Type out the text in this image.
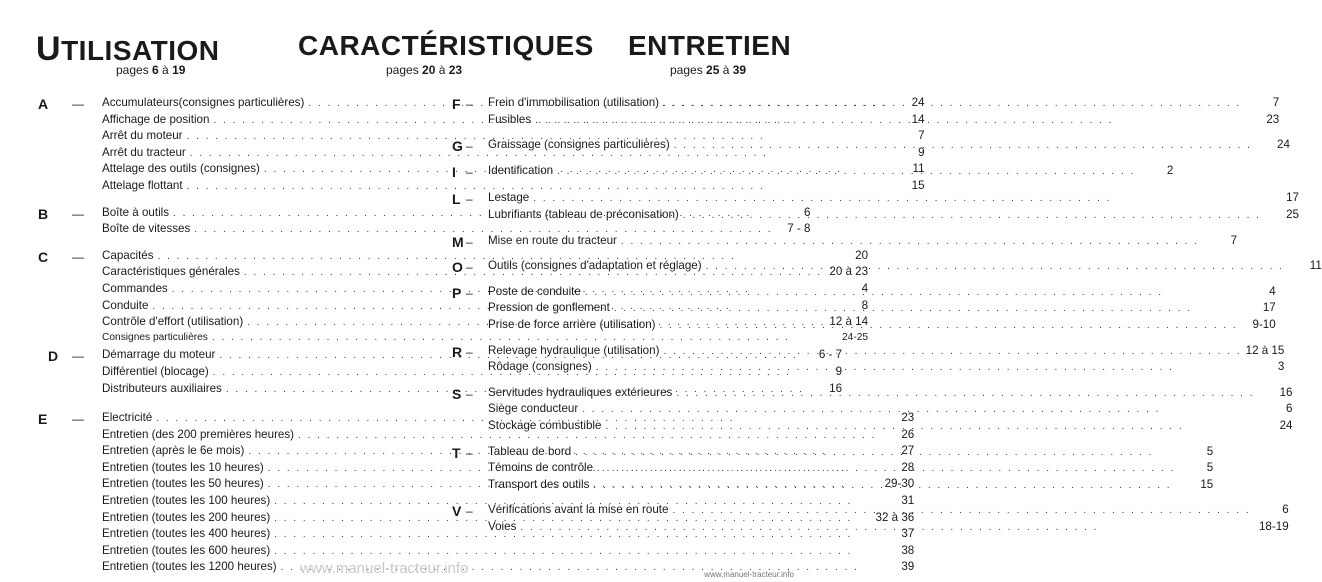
UTILISATION
pages 6 à 19
CARACTÉRISTIQUES
pages 20 à 23
ENTRETIEN
pages 25 à 39
A	—	Accumulateurs(consignes particulières) . . .	24
Affichage de position . . .	14
Arrêt du moteur . . .	7
Arrêt du tracteur . . .	9
Attelage des outils (consignes) . . .	11
Attelage flottant . . .	15
B	—	Boîte à outils . . .	6
Boîte de vitesses . . .	7 - 8
C	—	Capacités . . .	20
Caractéristiques générales . . .	20 à 23
Commandes . . .	4
Conduite . . .	8
Contrôle d'effort (utilisation) . . .	12 à 14
Consignes particulières . . .	24-25
D	—	Démarrage du moteur . . .	6 - 7
Différentiel (blocage) . . .	9
Distributeurs auxiliaires . . .	16
E	—	Electricité . . .	23
Entretien (des 200 premières heures) . . .	26
Entretien (après le 6e mois) . . .	27
Entretien (toutes les 10 heures) . . .	28
Entretien (toutes les 50 heures) . . .	29-30
Entretien (toutes les 100 heures) . . .	31
Entretien (toutes les 200 heures) . . .	32 à 36
Entretien (toutes les 400 heures) . . .	37
Entretien (toutes les 600 heures) . . .	38
Entretien (toutes les 1200 heures) . . .	39
F –	Frein d'immobilisation (utilisation) . . .	7
Fusibles . . .	23
G –	Graissage (consignes particulières) . . .	24
I –	Identification . . .	2
L –	Lestage . . .	17
Lubrifiants (tableau de préconisation) . . .	25
M –	Mise en route du tracteur . . .	7
O –	Outils (consignes d'adaptation et réglage) . . .	11
P –	Poste de conduite . . .	4
Pression de gonflement . . .	17
Prise de force arrière (utilisation) . . .	9-10
R –	Relevage hydraulique (utilisation) . . .	12 à 15
Rôdage (consignes) . . .	3
S –	Servitudes hydrauliques extérieures . . .	16
Siège conducteur . . .	6
Stockage combustible . . .	24
T –	Tableau de bord . . .	5
Témoins de contrôle . . .	5
Transport des outils . . .	15
V –	Vérifications avant la mise en route . . .	6
Voies . . .	18-19
www.manuel-tracteur.info	www.manuel-tracteur.info
